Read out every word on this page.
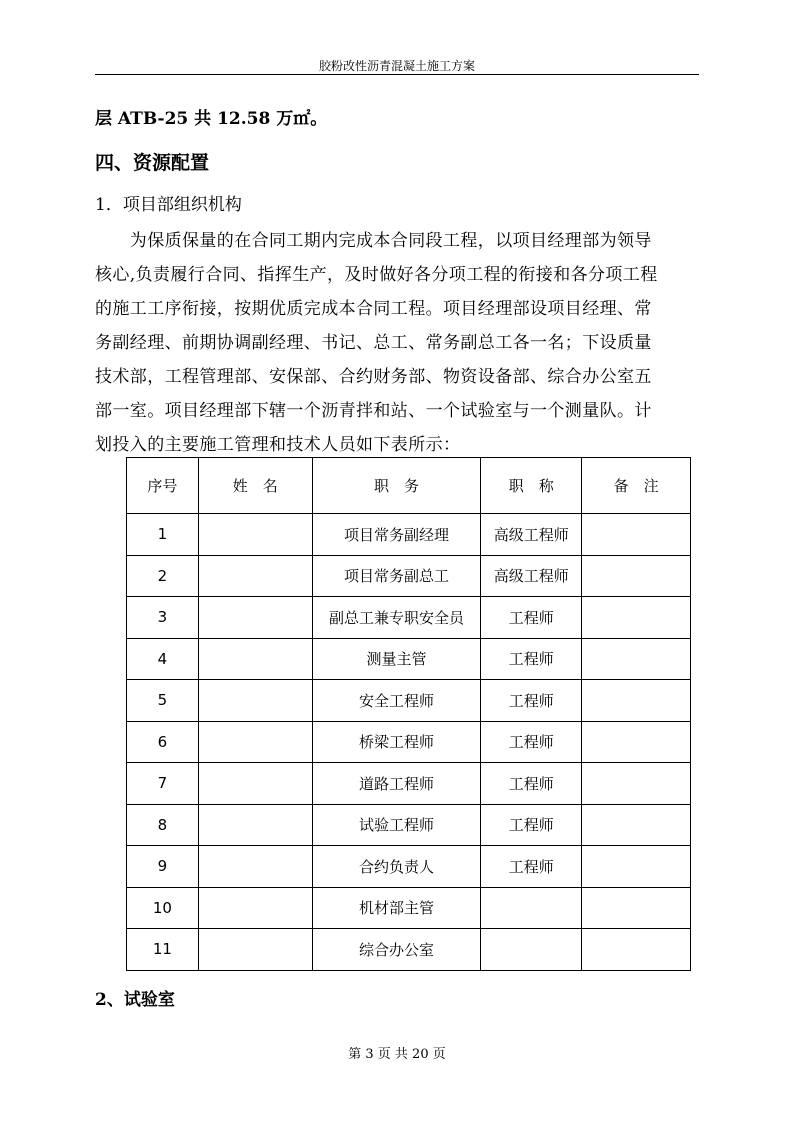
胶粉改性沥青混凝土施工方案
层 ATB-25 共 12.58 万㎡。
四、资源配置
1．项目部组织机构
　　为保质保量的在合同工期内完成本合同段工程，以项目经理部为领导
核心,负责履行合同、指挥生产，及时做好各分项工程的衔接和各分项工程
的施工工序衔接，按期优质完成本合同工程。项目经理部设项目经理、常
务副经理、前期协调副经理、书记、总工、常务副总工各一名；下设质量
技术部，工程管理部、安保部、合约财务部、物资设备部、综合办公室五
部一室。项目经理部下辖一个沥青拌和站、一个试验室与一个测量队。计
划投入的主要施工管理和技术人员如下表所示：
序号	姓　名	职　务	职　称	备　注
1		项目常务副经理	高级工程师	
2		项目常务副总工	高级工程师	
3		副总工兼专职安全员	工程师	
4		测量主管	工程师	
5		安全工程师	工程师	
6		桥梁工程师	工程师	
7		道路工程师	工程师	
8		试验工程师	工程师	
9		合约负责人	工程师	
10		机材部主管		
11		综合办公室		
2、试验室
第 3 页 共 20 页
